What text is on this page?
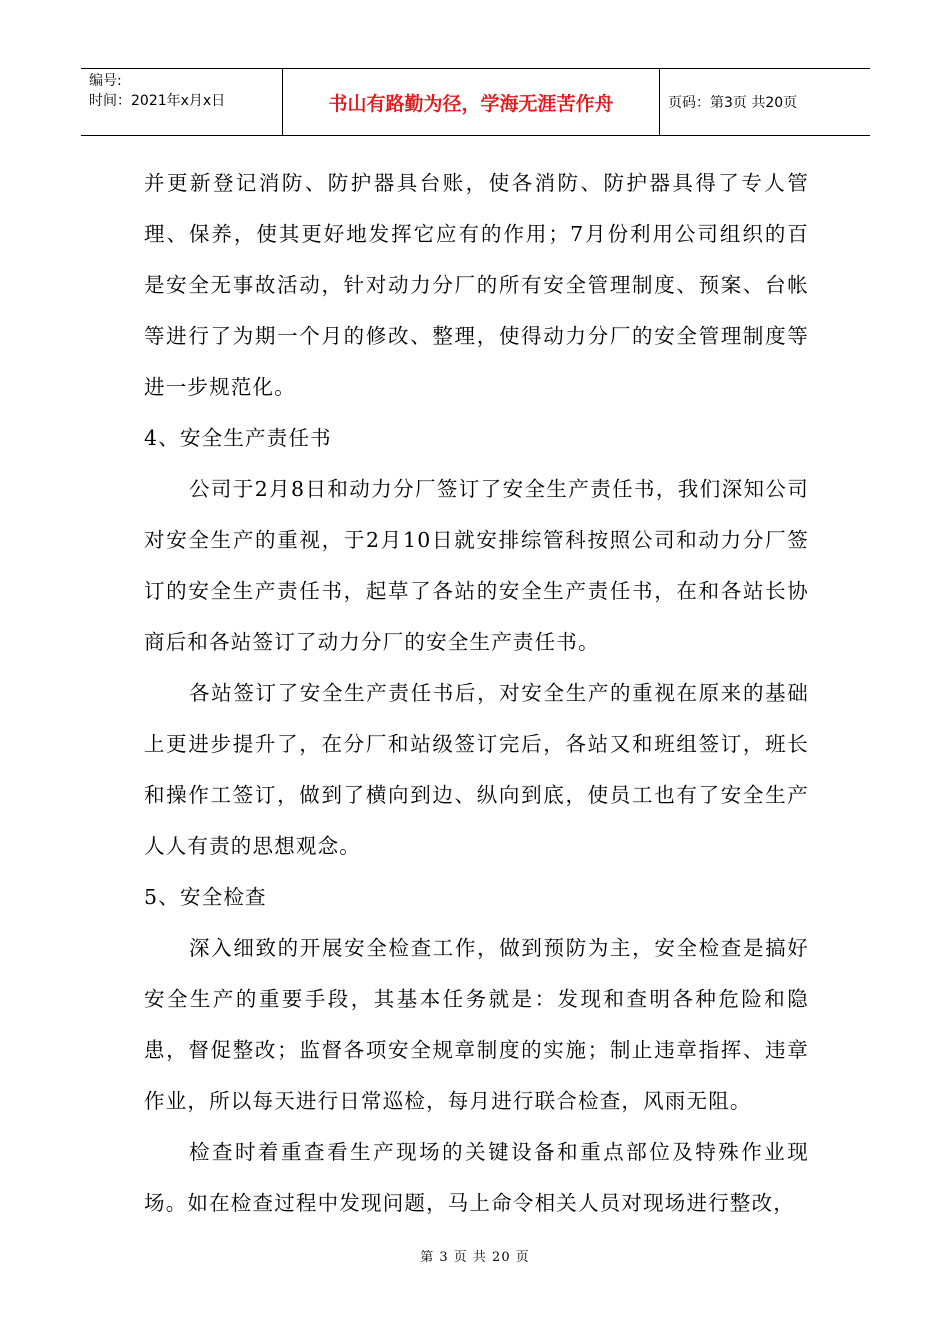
编号:
时间：2021年x月x日	书山有路勤为径，学海无涯苦作舟	页码：第3页 共20页

并更新登记消防、防护器具台账，使各消防、防护器具得了专人管理、保养，使其更好地发挥它应有的作用；7月份利用公司组织的百是安全无事故活动，针对动力分厂的所有安全管理制度、预案、台帐等进行了为期一个月的修改、整理，使得动力分厂的安全管理制度等进一步规范化。

4、安全生产责任书

公司于2月8日和动力分厂签订了安全生产责任书，我们深知公司对安全生产的重视，于2月10日就安排综管科按照公司和动力分厂签订的安全生产责任书，起草了各站的安全生产责任书，在和各站长协商后和各站签订了动力分厂的安全生产责任书。

各站签订了安全生产责任书后，对安全生产的重视在原来的基础上更进步提升了，在分厂和站级签订完后，各站又和班组签订，班长和操作工签订，做到了横向到边、纵向到底，使员工也有了安全生产人人有责的思想观念。

5、安全检查

深入细致的开展安全检查工作，做到预防为主，安全检查是搞好安全生产的重要手段，其基本任务就是：发现和查明各种危险和隐患，督促整改；监督各项安全规章制度的实施；制止违章指挥、违章作业，所以每天进行日常巡检，每月进行联合检查，风雨无阻。

检查时着重查看生产现场的关键设备和重点部位及特殊作业现场。如在检查过程中发现问题，马上命令相关人员对现场进行整改，

第 3 页 共 20 页
